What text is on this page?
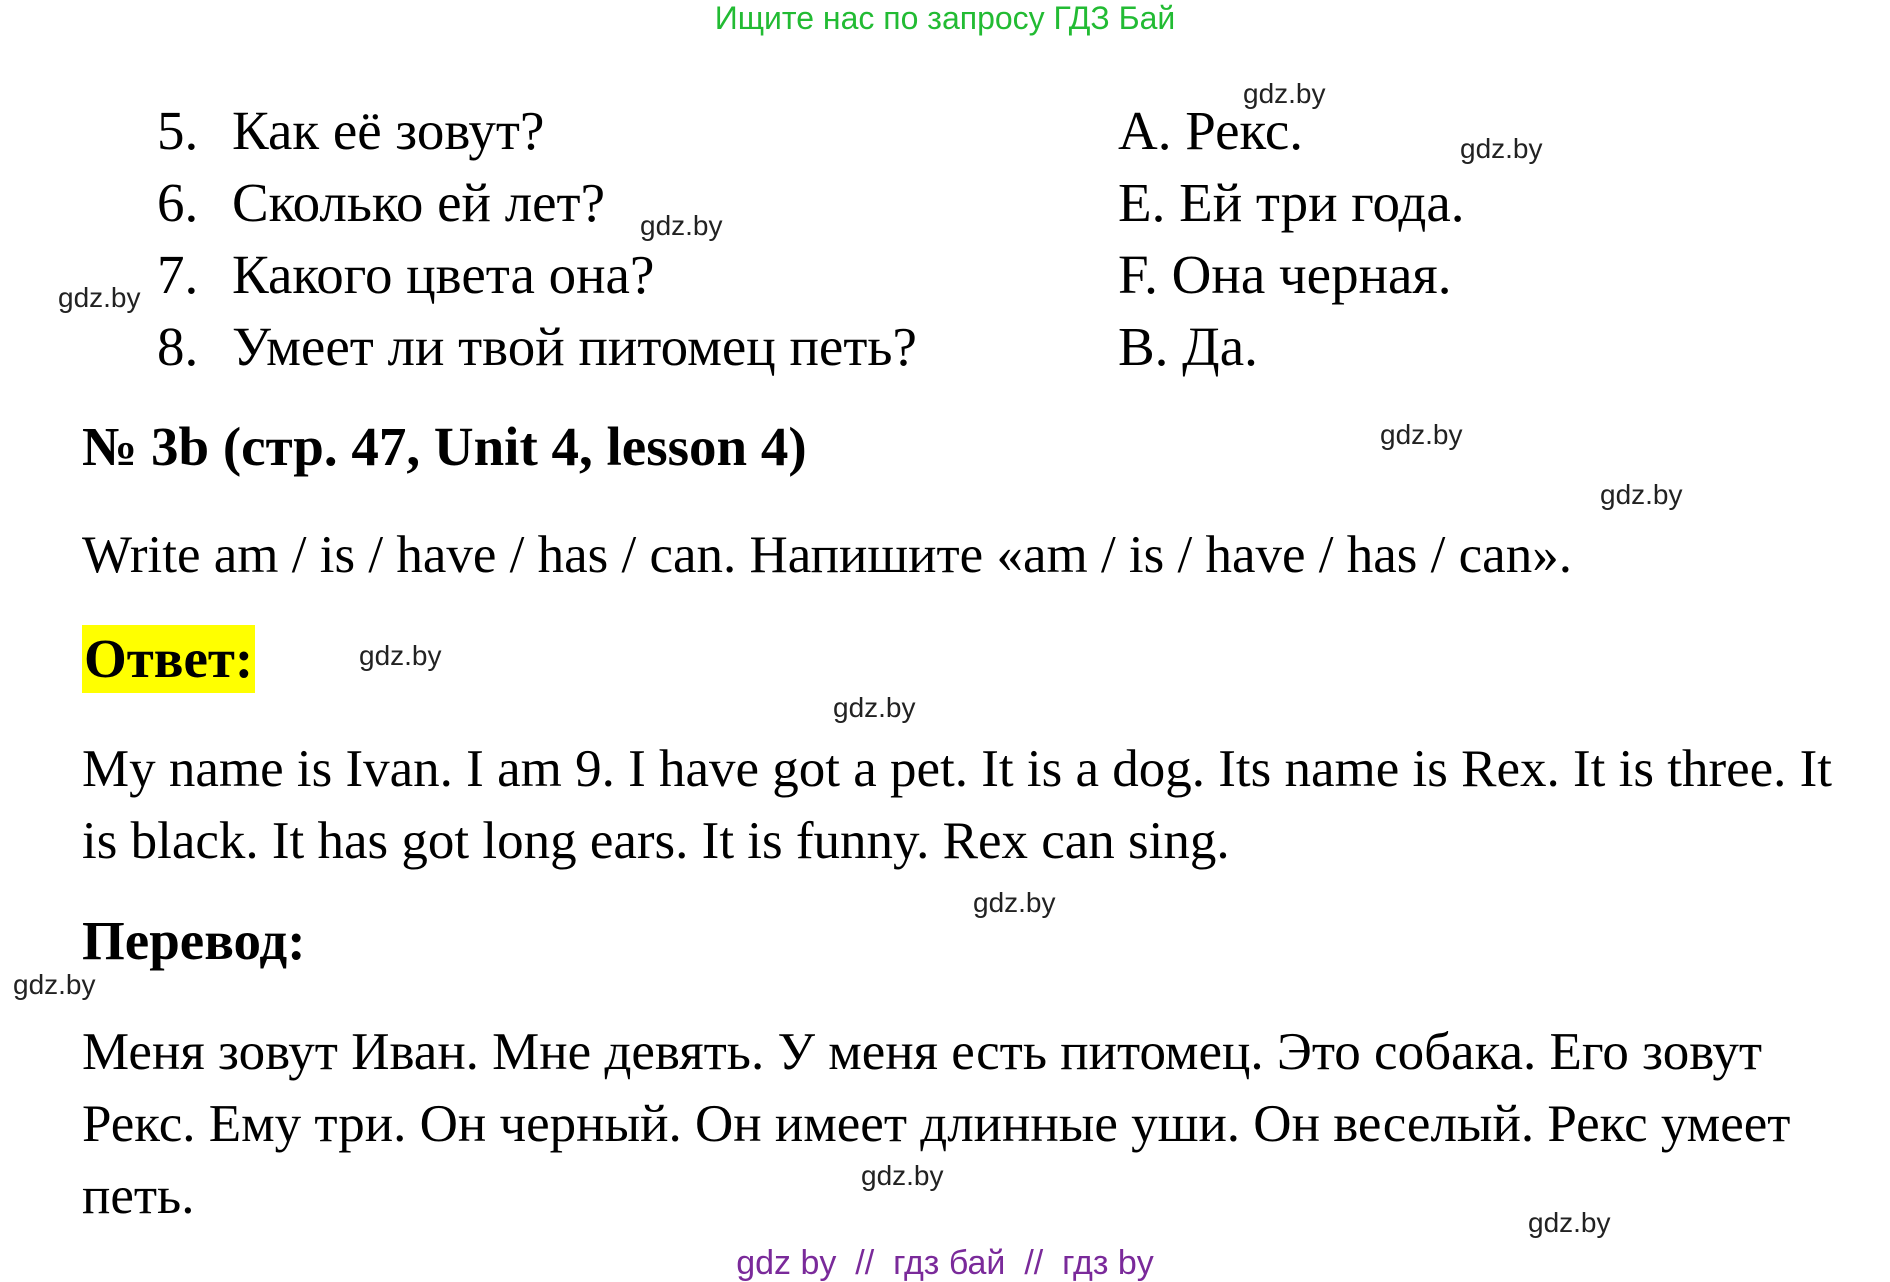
Ищите нас по запросу ГДЗ Бай
5. Как её зовут?	A. Рекс.
6. Сколько ей лет?	E. Ей три года.
7. Какого цвета она?	F. Она черная.
8. Умеет ли твой питомец петь?	B. Да.
№ 3b (стр. 47, Unit 4, lesson 4)
Write am / is / have / has / can. Напишите «am / is / have / has / can».
Ответ:
My name is Ivan. I am 9. I have got a pet. It is a dog. Its name is Rex. It is three. It is black. It has got long ears. It is funny. Rex can sing.
Перевод:
Меня зовут Иван. Мне девять. У меня есть питомец. Это собака. Его зовут Рекс. Ему три. Он черный. Он имеет длинные уши. Он веселый. Рекс умеет петь.
gdz.by
gdz.by
gdz.by
gdz.by
gdz.by
gdz.by
gdz.by
gdz.by
gdz.by
gdz.by
gdz.by
gdz.by
gdz by  //  гдз бай  //  гдз by
